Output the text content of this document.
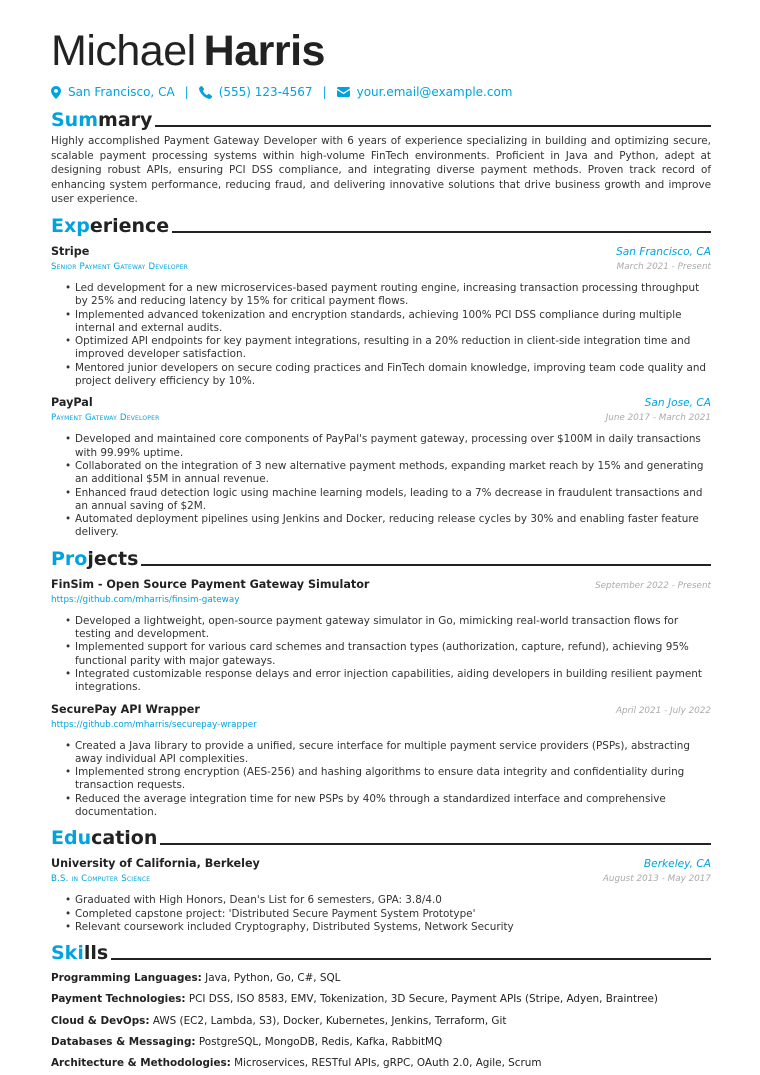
Michael Harris
San Francisco, CA |	(555) 123-4567 |	your.email@example.com
Summary

Highly accomplished Payment Gateway Developer with 6 years of experience specializing in building and optimizing secure, scalable payment processing systems within high-volume FinTech environments. Proficient in Java and Python, adept at designing robust APIs, ensuring PCI DSS compliance, and integrating diverse payment methods. Proven track record of enhancing system performance, reducing fraud, and delivering innovative solutions that drive business growth and improve user experience.

Experience
Stripe	San Francisco, CA
Senior Payment Gateway Developer	March 2021 - Present
• Led development for a new microservices-based payment routing engine, increasing transaction processing throughput by 25% and reducing latency by 15% for critical payment flows.
• Implemented advanced tokenization and encryption standards, achieving 100% PCI DSS compliance during multiple internal and external audits.
• Optimized API endpoints for key payment integrations, resulting in a 20% reduction in client-side integration time and improved developer satisfaction.
• Mentored junior developers on secure coding practices and FinTech domain knowledge, improving team code quality and project delivery efficiency by 10%.
PayPal	San Jose, CA
Payment Gateway Developer	June 2017 - March 2021
• Developed and maintained core components of PayPal's payment gateway, processing over $100M in daily transactions with 99.99% uptime.
• Collaborated on the integration of 3 new alternative payment methods, expanding market reach by 15% and generating an additional $5M in annual revenue.
• Enhanced fraud detection logic using machine learning models, leading to a 7% decrease in fraudulent transactions and an annual saving of $2M.
• Automated deployment pipelines using Jenkins and Docker, reducing release cycles by 30% and enabling faster feature delivery.
Projects
FinSim - Open Source Payment Gateway Simulator	September 2022 - Present
https://github.com/mharris/finsim-gateway
• Developed a lightweight, open-source payment gateway simulator in Go, mimicking real-world transaction flows for testing and development.
• Implemented support for various card schemes and transaction types (authorization, capture, refund), achieving 95% functional parity with major gateways.
• Integrated customizable response delays and error injection capabilities, aiding developers in building resilient payment integrations.
SecurePay API Wrapper	April 2021 - July 2022
https://github.com/mharris/securepay-wrapper
• Created a Java library to provide a unified, secure interface for multiple payment service providers (PSPs), abstracting away individual API complexities.
• Implemented strong encryption (AES-256) and hashing algorithms to ensure data integrity and confidentiality during transaction requests.
• Reduced the average integration time for new PSPs by 40% through a standardized interface and comprehensive documentation.
Education
University of California, Berkeley	Berkeley, CA
B.S. in Computer Science	August 2013 - May 2017
• Graduated with High Honors, Dean's List for 6 semesters, GPA: 3.8/4.0
• Completed capstone project: 'Distributed Secure Payment System Prototype'
• Relevant coursework included Cryptography, Distributed Systems, Network Security
Skills
Programming Languages: Java, Python, Go, C#, SQL
Payment Technologies: PCI DSS, ISO 8583, EMV, Tokenization, 3D Secure, Payment APIs (Stripe, Adyen, Braintree)
Cloud & DevOps: AWS (EC2, Lambda, S3), Docker, Kubernetes, Jenkins, Terraform, Git
Databases & Messaging: PostgreSQL, MongoDB, Redis, Kafka, RabbitMQ
Architecture & Methodologies: Microservices, RESTful APIs, gRPC, OAuth 2.0, Agile, Scrum
